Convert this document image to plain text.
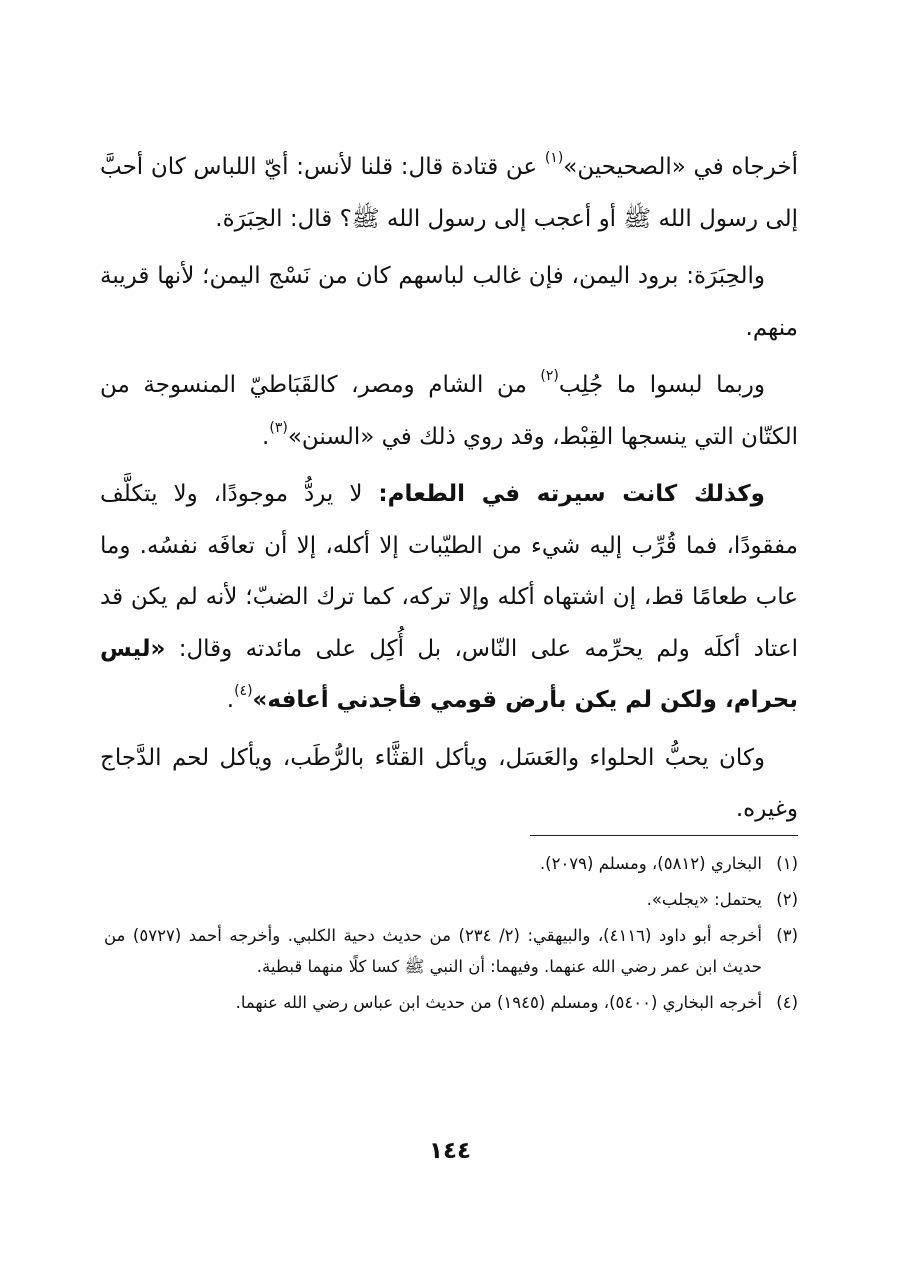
أخرجاه في «الصحيحين»$^{(١)}$ عن قتادة قال: قلنا لأنس: أيّ اللباس كان أحبَّ إلى رسول الله ﷺ أو أعجب إلى رسول الله ﷺ؟ قال: الحِبَرَة.

والحِبَرَة: برود اليمن، فإن غالب لباسهم كان من نَسْج اليمن؛ لأنها قريبة منهم.

وربما لبسوا ما جُلِب$^{(٢)}$ من الشام ومصر، كالقَبَاطيّ المنسوجة من الكتّان التي ينسجها القِبْط، وقد روي ذلك في «السنن»$^{(٣)}$.

وكذلك كانت سيرته في الطعام: لا يردُّ موجودًا، ولا يتكلَّف مفقودًا، فما قُرِّب إليه شيء من الطيّبات إلا أكله، إلا أن تعافَه نفسُه. وما عاب طعامًا قط، إن اشتهاه أكله وإلا تركه، كما ترك الضبّ؛ لأنه لم يكن قد اعتاد أكلَه ولم يحرِّمه على النّاس، بل أُكِل على مائدته وقال: «ليس بحرام، ولكن لم يكن بأرض قومي فأجدني أعافه»$^{(٤)}$.

وكان يحبُّ الحلواء والعَسَل، ويأكل القثَّاء بالرُّطَب، ويأكل لحم الدَّجاج وغيره.

(١)
البخاري (٥٨١٢)، ومسلم (٢٠٧٩).
(٢)
يحتمل: «يجلب».
(٣)
أخرجه أبو داود (٤١١٦)، والبيهقي: (٢/ ٢٣٤) من حديث دحية الكلبي. وأخرجه أحمد (٥٧٢٧) من حديث ابن عمر رضي الله عنهما. وفيهما: أن النبي ﷺ كسا كلًا منهما قبطية.
(٤)
أخرجه البخاري (٥٤٠٠)، ومسلم (١٩٤٥) من حديث ابن عباس رضي الله عنهما.
١٤٤
